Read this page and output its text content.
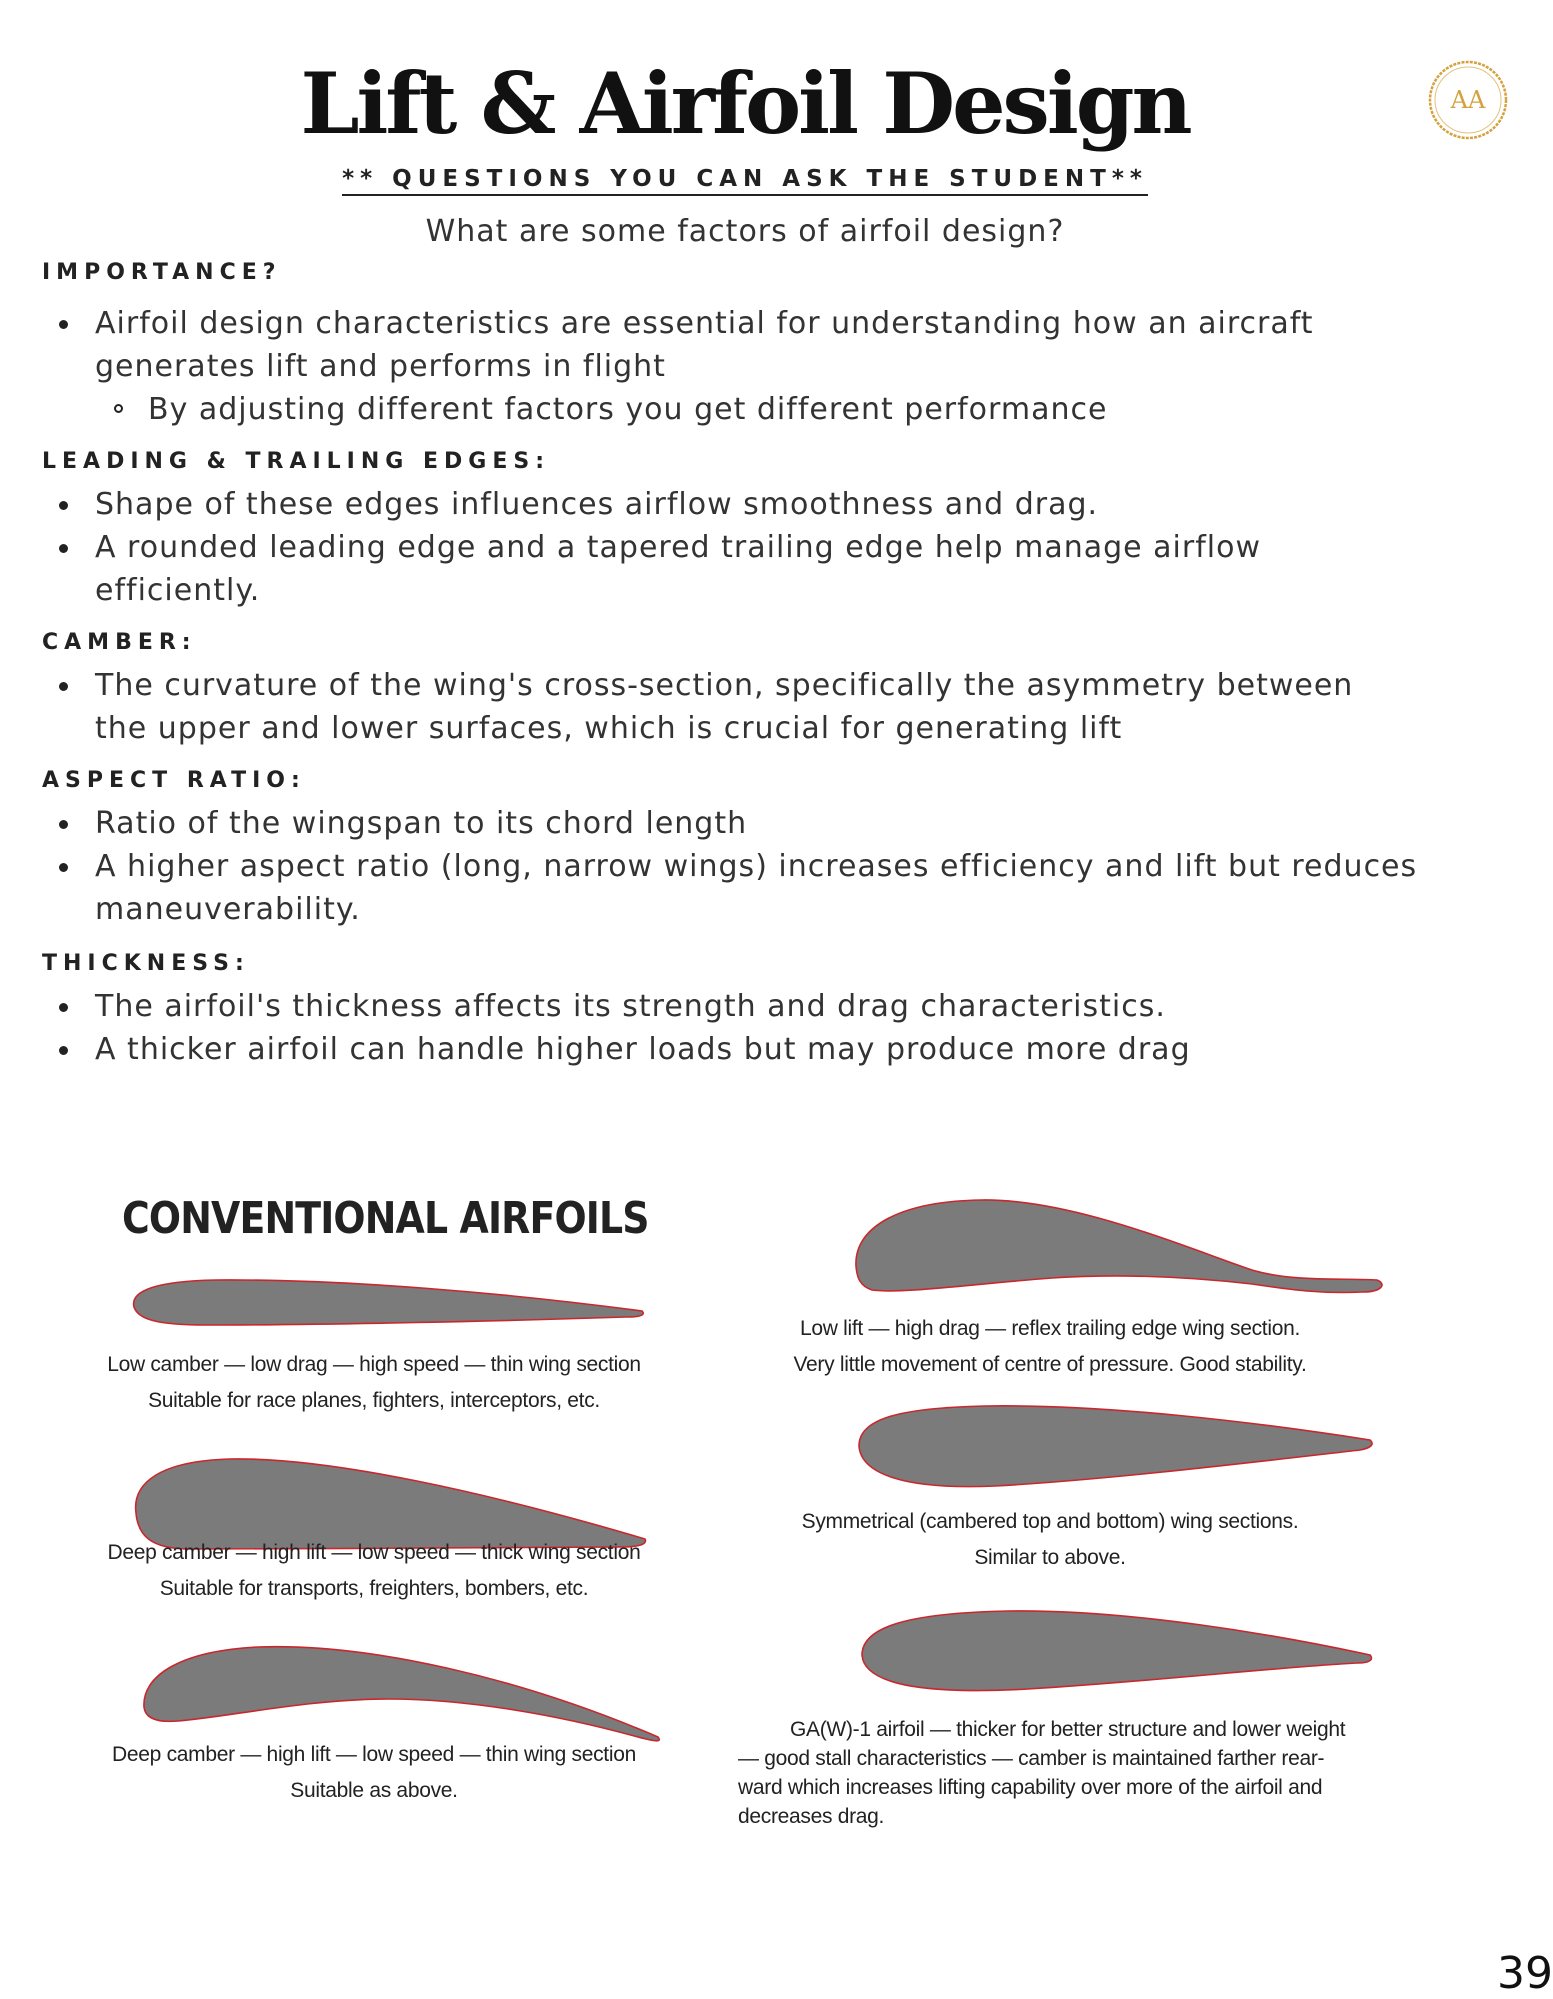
Lift & Airfoil Design
** QUESTIONS YOU CAN ASK THE STUDENT**
What are some factors of airfoil design?
AA
IMPORTANCE?
Airfoil design characteristics are essential for understanding how an aircraft
generates lift and performs in flight
By adjusting different factors you get different performance
LEADING & TRAILING EDGES:
Shape of these edges influences airflow smoothness and drag.
A rounded leading edge and a tapered trailing edge help manage airflow
efficiently.
CAMBER:
The curvature of the wing's cross-section, specifically the asymmetry between
the upper and lower surfaces, which is crucial for generating lift
ASPECT RATIO:
Ratio of the wingspan to its chord length
A higher aspect ratio (long, narrow wings) increases efficiency and lift but reduces
maneuverability.
THICKNESS:
The airfoil's thickness affects its strength and drag characteristics.
A thicker airfoil can handle higher loads but may produce more drag
CONVENTIONAL AIRFOILS
Low camber — low drag — high speed — thin wing section
Suitable for race planes, fighters, interceptors, etc.
Deep camber — high lift — low speed — thick wing section
Suitable for transports, freighters, bombers, etc.
Deep camber — high lift — low speed — thin wing section
Suitable as above.
Low lift — high drag — reflex trailing edge wing section.
Very little movement of centre of pressure. Good stability.
Symmetrical (cambered top and bottom) wing sections.
Similar to above.
GA(W)-1 airfoil — thicker for better structure and lower weight
— good stall characteristics — camber is maintained farther rear-
ward which increases lifting capability over more of the airfoil and
decreases drag.
39
